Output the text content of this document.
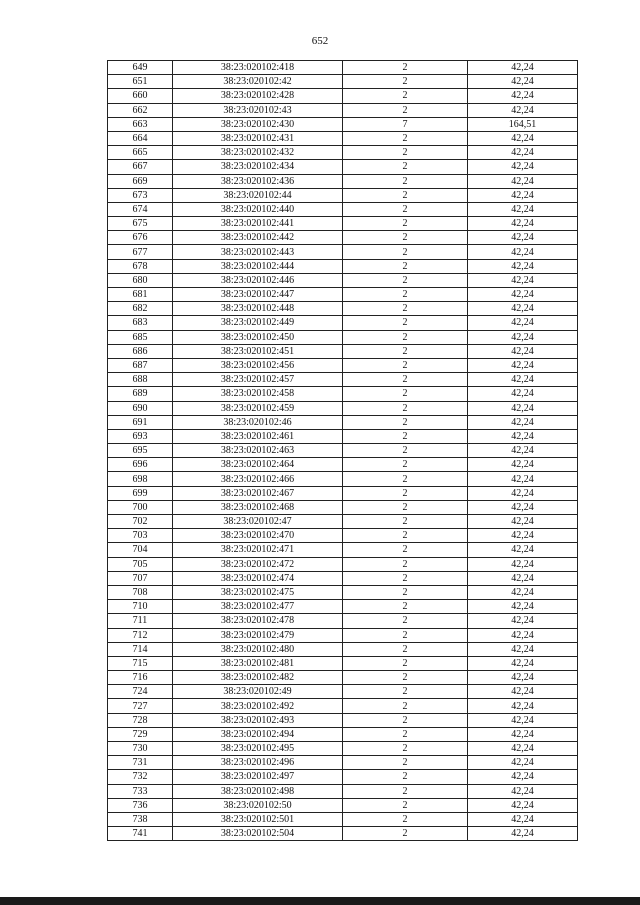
652
649	38:23:020102:418	2	42,24
651	38:23:020102:42	2	42,24
660	38:23:020102:428	2	42,24
662	38:23:020102:43	2	42,24
663	38:23:020102:430	7	164,51
664	38:23:020102:431	2	42,24
665	38:23:020102:432	2	42,24
667	38:23:020102:434	2	42,24
669	38:23:020102:436	2	42,24
673	38:23:020102:44	2	42,24
674	38:23:020102:440	2	42,24
675	38:23:020102:441	2	42,24
676	38:23:020102:442	2	42,24
677	38:23:020102:443	2	42,24
678	38:23:020102:444	2	42,24
680	38:23:020102:446	2	42,24
681	38:23:020102:447	2	42,24
682	38:23:020102:448	2	42,24
683	38:23:020102:449	2	42,24
685	38:23:020102:450	2	42,24
686	38:23:020102:451	2	42,24
687	38:23:020102:456	2	42,24
688	38:23:020102:457	2	42,24
689	38:23:020102:458	2	42,24
690	38:23:020102:459	2	42,24
691	38:23:020102:46	2	42,24
693	38:23:020102:461	2	42,24
695	38:23:020102:463	2	42,24
696	38:23:020102:464	2	42,24
698	38:23:020102:466	2	42,24
699	38:23:020102:467	2	42,24
700	38:23:020102:468	2	42,24
702	38:23:020102:47	2	42,24
703	38:23:020102:470	2	42,24
704	38:23:020102:471	2	42,24
705	38:23:020102:472	2	42,24
707	38:23:020102:474	2	42,24
708	38:23:020102:475	2	42,24
710	38:23:020102:477	2	42,24
711	38:23:020102:478	2	42,24
712	38:23:020102:479	2	42,24
714	38:23:020102:480	2	42,24
715	38:23:020102:481	2	42,24
716	38:23:020102:482	2	42,24
724	38:23:020102:49	2	42,24
727	38:23:020102:492	2	42,24
728	38:23:020102:493	2	42,24
729	38:23:020102:494	2	42,24
730	38:23:020102:495	2	42,24
731	38:23:020102:496	2	42,24
732	38:23:020102:497	2	42,24
733	38:23:020102:498	2	42,24
736	38:23:020102:50	2	42,24
738	38:23:020102:501	2	42,24
741	38:23:020102:504	2	42,24
